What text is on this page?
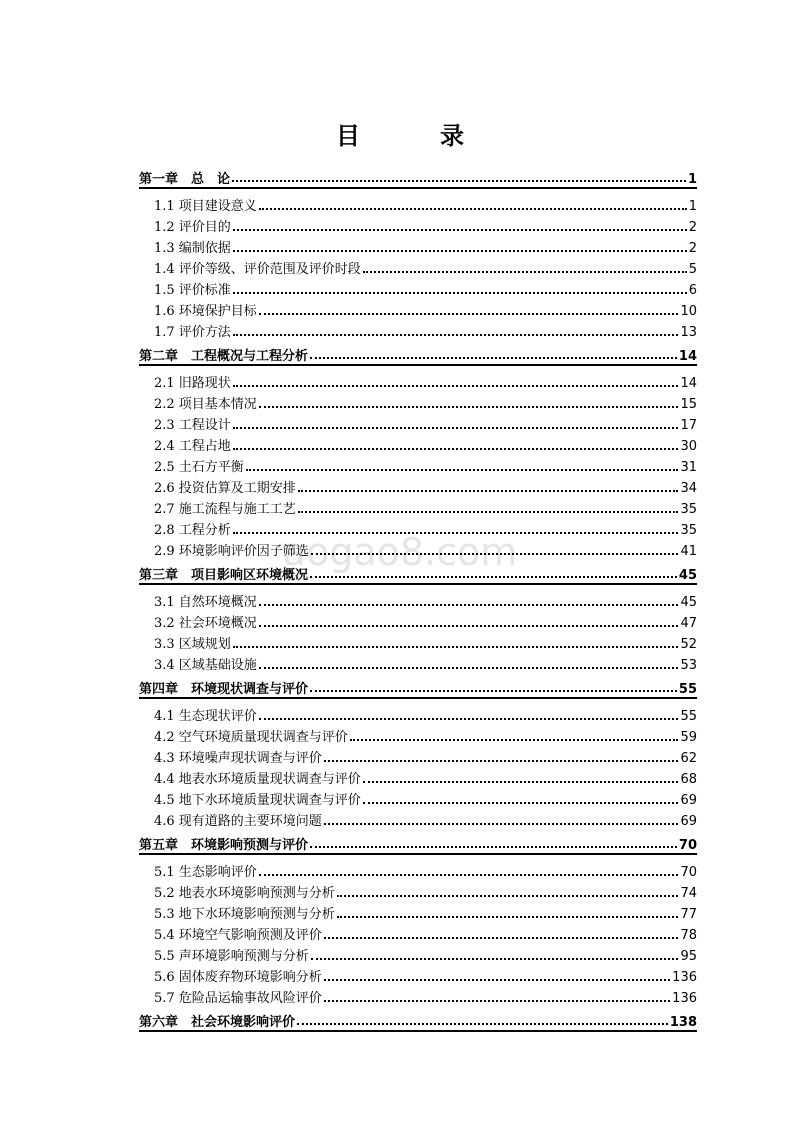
目　录
aogao8.com
第一章　总　论	1
1.1 项目建设意义	1
1.2 评价目的	2
1.3 编制依据	2
1.4 评价等级、评价范围及评价时段	5
1.5 评价标准	6
1.6 环境保护目标	10
1.7 评价方法	13
第二章　工程概况与工程分析	14
2.1 旧路现状	14
2.2 项目基本情况	15
2.3 工程设计	17
2.4 工程占地	30
2.5 土石方平衡	31
2.6 投资估算及工期安排	34
2.7 施工流程与施工工艺	35
2.8 工程分析	35
2.9 环境影响评价因子筛选	41
第三章　项目影响区环境概况	45
3.1 自然环境概况	45
3.2 社会环境概况	47
3.3 区域规划	52
3.4 区域基础设施	53
第四章　环境现状调查与评价	55
4.1 生态现状评价	55
4.2 空气环境质量现状调查与评价	59
4.3 环境噪声现状调查与评价	62
4.4 地表水环境质量现状调查与评价	68
4.5 地下水环境质量现状调查与评价	69
4.6 现有道路的主要环境问题	69
第五章　环境影响预测与评价	70
5.1 生态影响评价	70
5.2 地表水环境影响预测与分析	74
5.3 地下水环境影响预测与分析	77
5.4 环境空气影响预测及评价	78
5.5 声环境影响预测与分析	95
5.6 固体废弃物环境影响分析	136
5.7 危险品运输事故风险评价	136
第六章　社会环境影响评价	138
